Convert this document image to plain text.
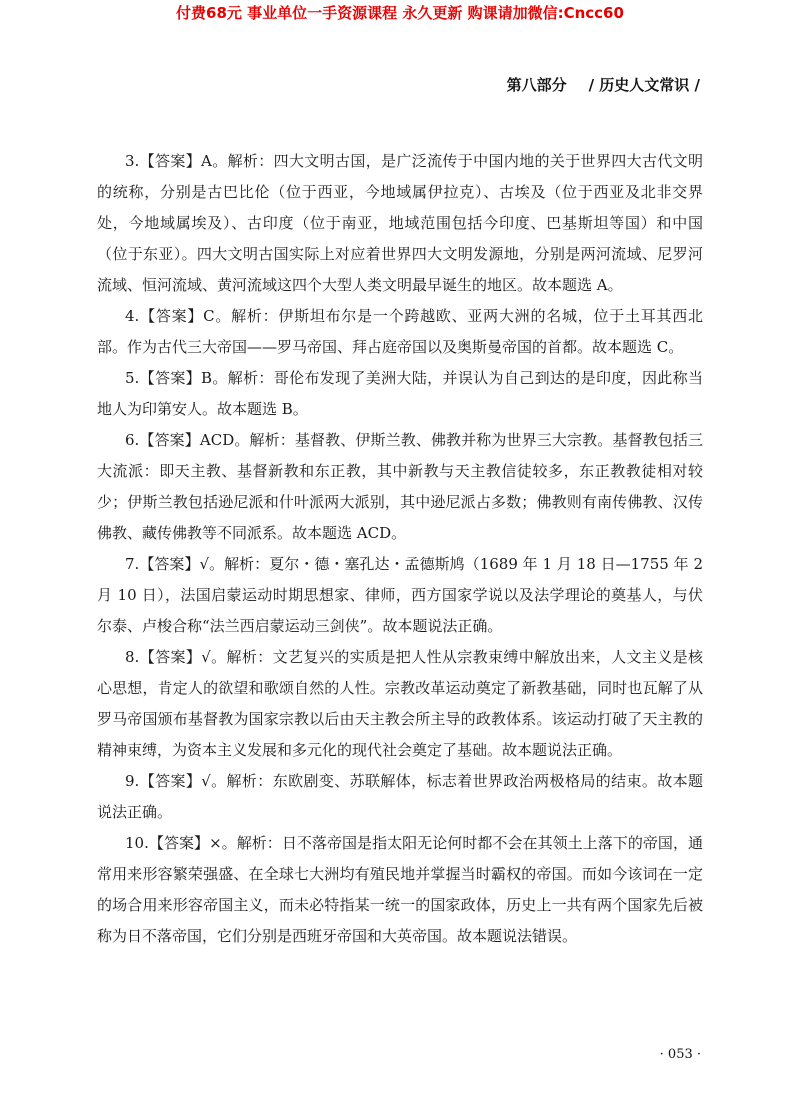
付费68元 事业单位一手资源课程 永久更新 购课请加微信:Cncc60
第八部分 / 历史人文常识 /

3.【答案】A。解析：四大文明古国，是广泛流传于中国内地的关于世界四大古代文明的统称，分别是古巴比伦（位于西亚，今地域属伊拉克）、古埃及（位于西亚及北非交界处，今地域属埃及）、古印度（位于南亚，地域范围包括今印度、巴基斯坦等国）和中国（位于东亚）。四大文明古国实际上对应着世界四大文明发源地，分别是两河流域、尼罗河流域、恒河流域、黄河流域这四个大型人类文明最早诞生的地区。故本题选 A。

4.【答案】C。解析：伊斯坦布尔是一个跨越欧、亚两大洲的名城，位于土耳其西北部。作为古代三大帝国——罗马帝国、拜占庭帝国以及奥斯曼帝国的首都。故本题选 C。

5.【答案】B。解析：哥伦布发现了美洲大陆，并误认为自己到达的是印度，因此称当地人为印第安人。故本题选 B。

6.【答案】ACD。解析：基督教、伊斯兰教、佛教并称为世界三大宗教。基督教包括三大流派：即天主教、基督新教和东正教，其中新教与天主教信徒较多，东正教教徒相对较少；伊斯兰教包括逊尼派和什叶派两大派别，其中逊尼派占多数；佛教则有南传佛教、汉传佛教、藏传佛教等不同派系。故本题选 ACD。

7.【答案】√。解析：夏尔・德・塞孔达・孟德斯鸠（1689 年 1 月 18 日—1755 年 2 月 10 日），法国启蒙运动时期思想家、律师，西方国家学说以及法学理论的奠基人，与伏尔泰、卢梭合称“法兰西启蒙运动三剑侠”。故本题说法正确。

8.【答案】√。解析：文艺复兴的实质是把人性从宗教束缚中解放出来，人文主义是核心思想，肯定人的欲望和歌颂自然的人性。宗教改革运动奠定了新教基础，同时也瓦解了从罗马帝国颁布基督教为国家宗教以后由天主教会所主导的政教体系。该运动打破了天主教的精神束缚，为资本主义发展和多元化的现代社会奠定了基础。故本题说法正确。

9.【答案】√。解析：东欧剧变、苏联解体，标志着世界政治两极格局的结束。故本题说法正确。

10.【答案】×。解析：日不落帝国是指太阳无论何时都不会在其领土上落下的帝国，通常用来形容繁荣强盛、在全球七大洲均有殖民地并掌握当时霸权的帝国。而如今该词在一定的场合用来形容帝国主义，而未必特指某一统一的国家政体，历史上一共有两个国家先后被称为日不落帝国，它们分别是西班牙帝国和大英帝国。故本题说法错误。

· 053 ·
